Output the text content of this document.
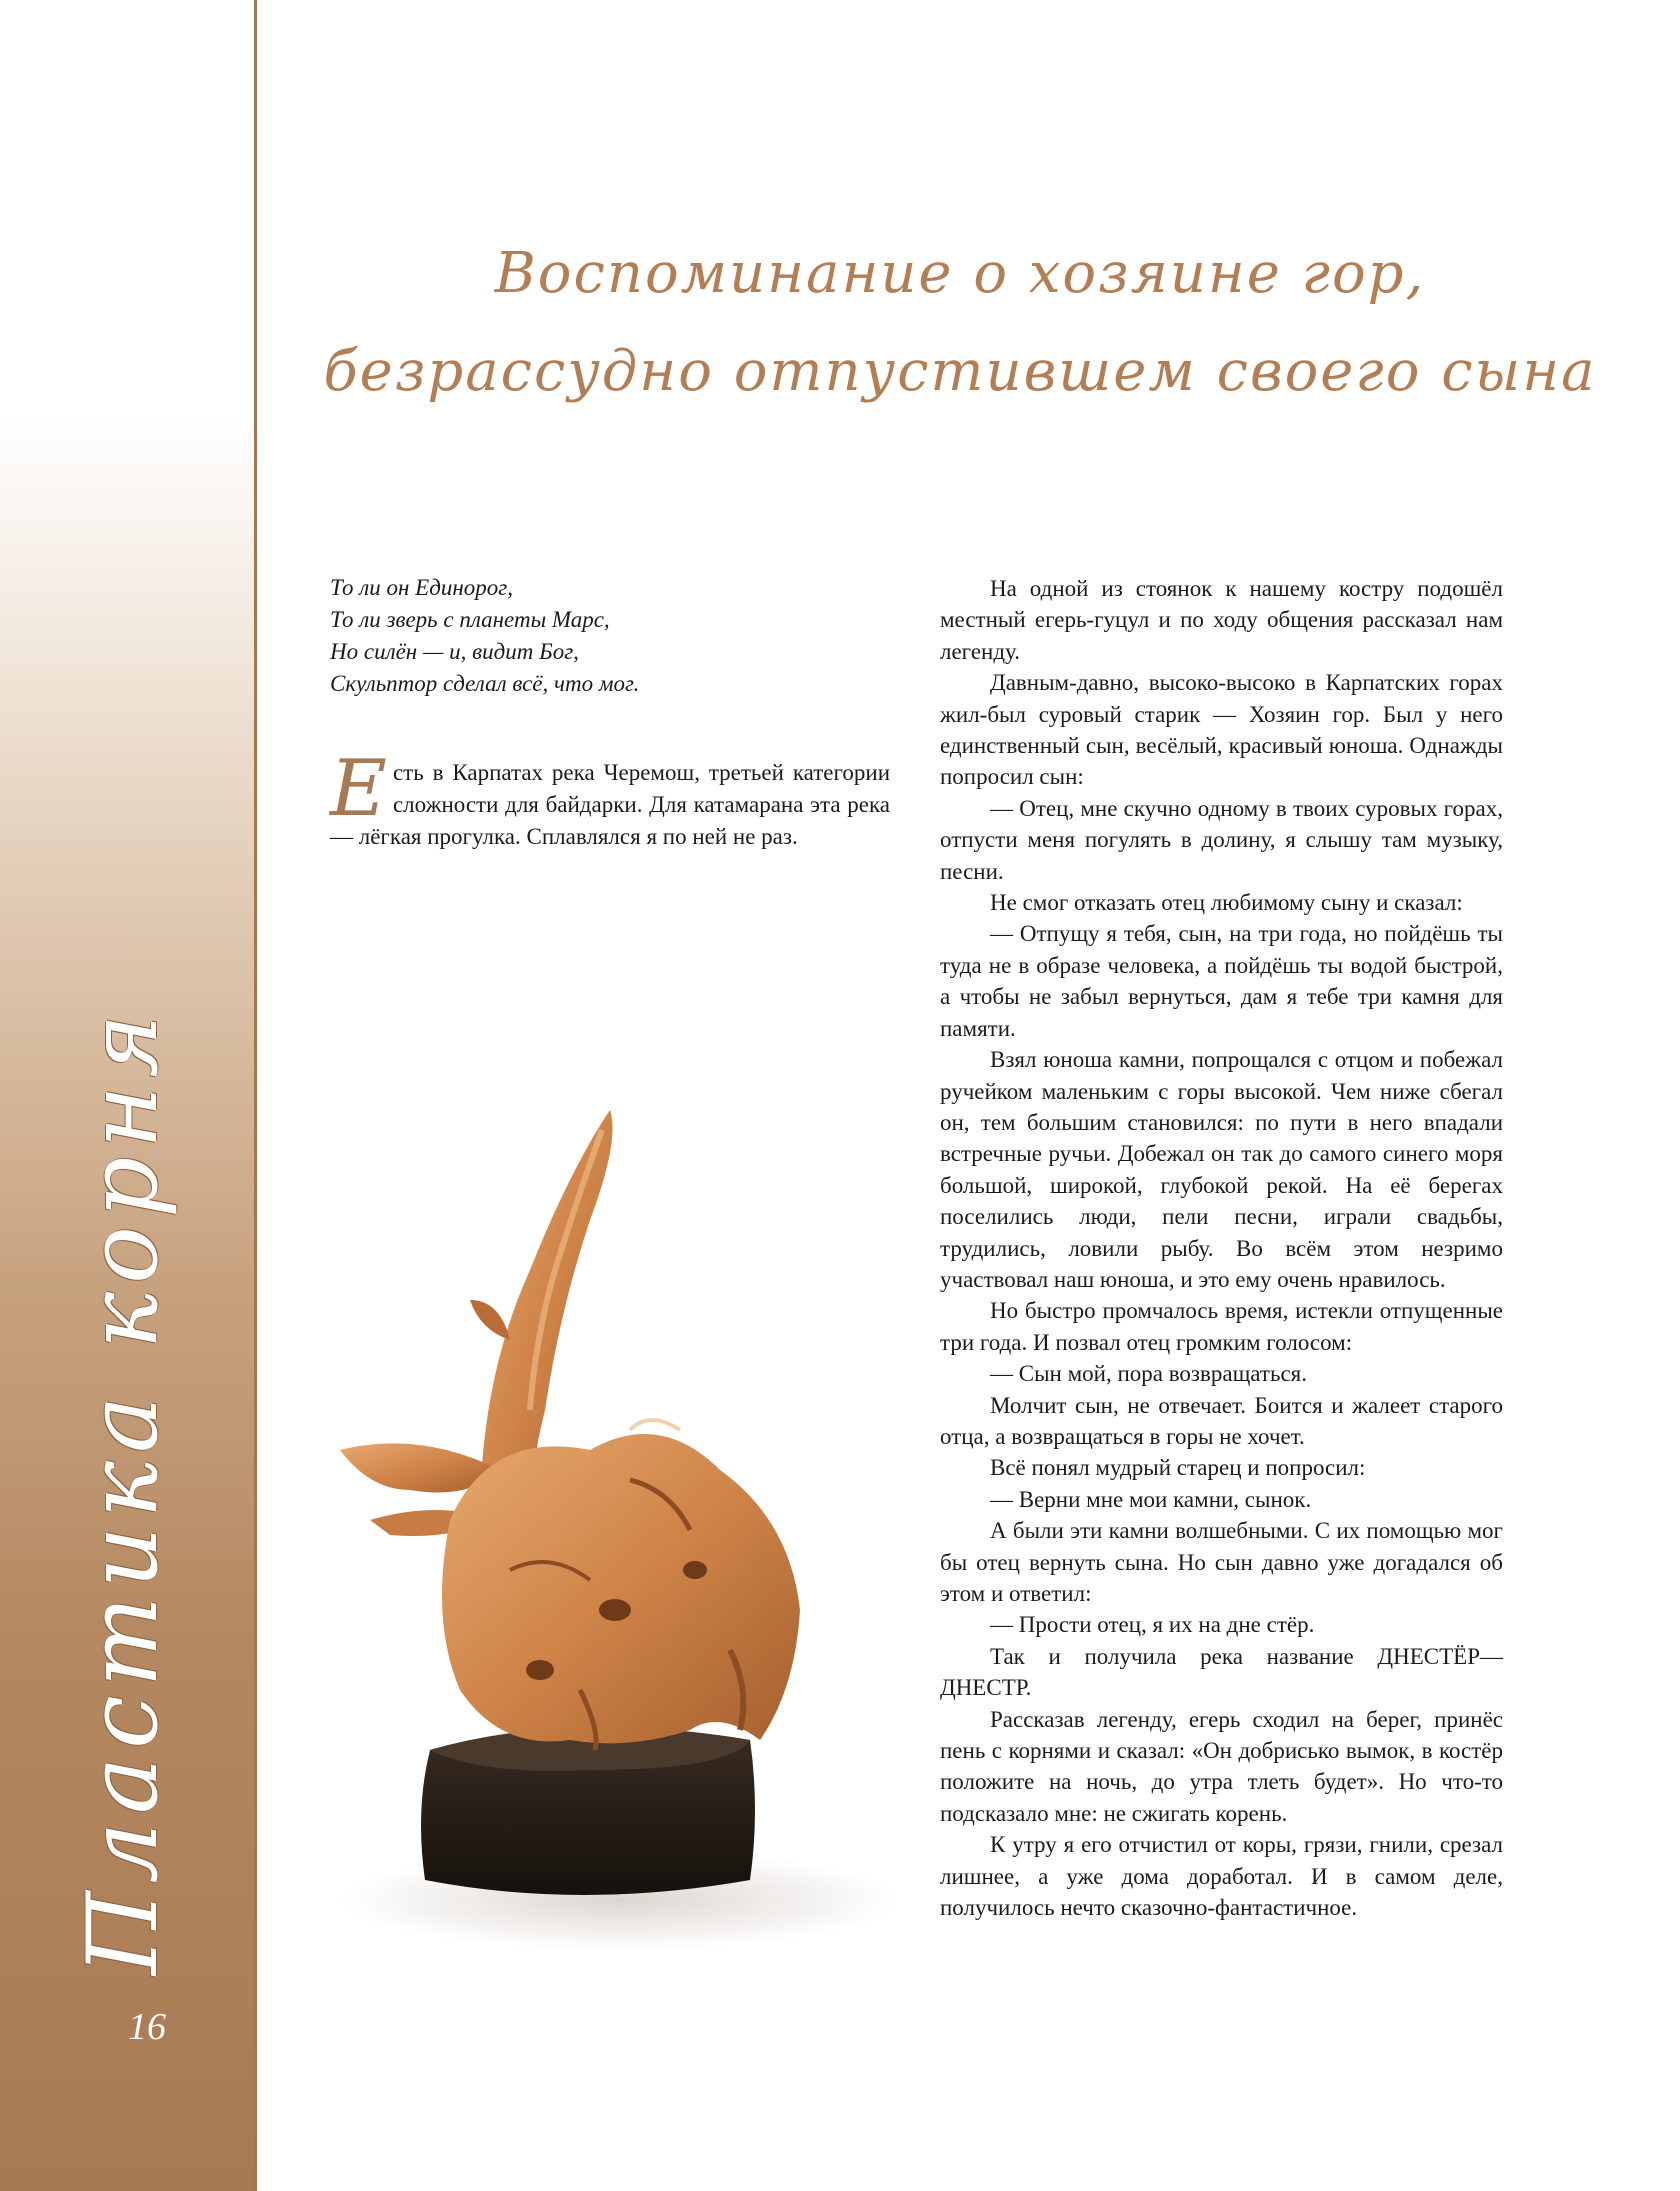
Пластика корня
16
Воспоминание о хозяине гор,
безрассудно отпустившем своего сына
То ли он Единорог,
То ли зверь с планеты Марс,
Но силён — и, видит Бог,
Скульптор сделал всё, что мог.
Есть в Карпатах река Черемош, третьей категории сложности для байдарки. Для катамарана эта река — лёгкая прогулка. Сплавлялся я по ней не раз.

На одной из стоянок к нашему костру подошёл местный егерь-гуцул и по ходу общения рассказал нам легенду.

Давным-давно, высоко-высоко в Карпатских горах жил-был суровый старик — Хозяин гор. Был у него единственный сын, весёлый, красивый юноша. Однажды попросил сын:

— Отец, мне скучно одному в твоих суровых горах, отпусти меня погулять в долину, я слышу там музыку, песни.

Не смог отказать отец любимому сыну и сказал:

— Отпущу я тебя, сын, на три года, но пойдёшь ты туда не в образе человека, а пойдёшь ты водой быстрой, а чтобы не забыл вернуться, дам я тебе три камня для памяти.

Взял юноша камни, попрощался с отцом и побежал ручейком маленьким с горы высокой. Чем ниже сбегал он, тем большим становился: по пути в него впадали встречные ручьи. Добежал он так до самого синего моря большой, широкой, глубокой рекой. На её берегах поселились люди, пели песни, играли свадьбы, трудились, ловили рыбу. Во всём этом незримо участвовал наш юноша, и это ему очень нравилось.

Но быстро промчалось время, истекли отпущенные три года. И позвал отец громким голосом:

— Сын мой, пора возвращаться.

Молчит сын, не отвечает. Боится и жалеет старого отца, а возвращаться в горы не хочет.

Всё понял мудрый старец и попросил:

— Верни мне мои камни, сынок.

А были эти камни волшебными. С их помощью мог бы отец вернуть сына. Но сын давно уже догадался об этом и ответил:

— Прости отец, я их на дне стёр.

Так и получила река название ДНЕСТЁР—ДНЕСТР.

Рассказав легенду, егерь сходил на берег, принёс пень с корнями и сказал: «Он добрисько вымок, в костёр положите на ночь, до утра тлеть будет». Но что-то подсказало мне: не сжигать корень.

К утру я его отчистил от коры, грязи, гнили, срезал лишнее, а уже дома доработал. И в самом деле, получилось нечто сказочно-фантастичное.
